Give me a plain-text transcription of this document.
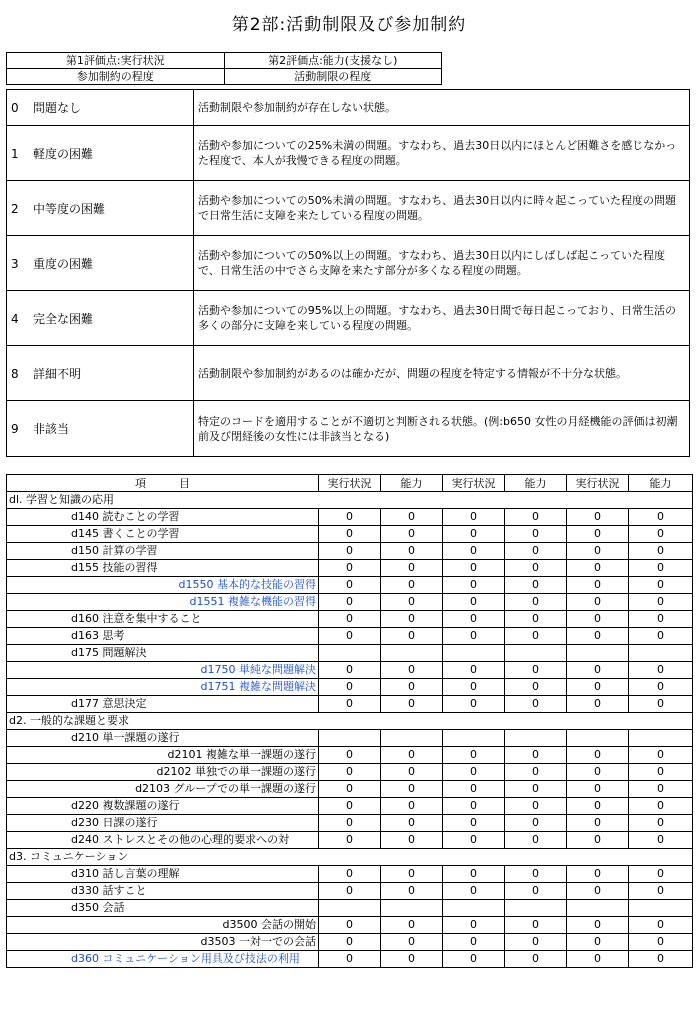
第2部:活動制限及び参加制約
第1評価点:実行状況	第2評価点:能力(支援なし)
参加制約の程度	活動制限の程度
0 問題なし	活動制限や参加制約が存在しない状態。
1 軽度の困難	活動や参加についての25%未満の問題。すなわち、過去30日以内にほとんど困難さを感じなかった程度で、本人が我慢できる程度の問題。
2 中等度の困難	活動や参加についての50%未満の問題。すなわち、過去30日以内に時々起こっていた程度の問題で日常生活に支障を来たしている程度の問題。
3 重度の困難	活動や参加についての50%以上の問題。すなわち、過去30日以内にしばしば起こっていた程度で、日常生活の中でさら支障を来たす部分が多くなる程度の問題。
4 完全な困難	活動や参加についての95%以上の問題。すなわち、過去30日間で毎日起こっており、日常生活の多くの部分に支障を来している程度の問題。
8 詳細不明	活動制限や参加制約があるのは確かだが、問題の程度を特定する情報が不十分な状態。
9 非該当	特定のコードを適用することが不適切と判断される状態。(例:b650 女性の月経機能の評価は初潮前及び閉経後の女性には非該当となる)
項　　　目	実行状況	能力	実行状況	能力	実行状況	能力
dl. 学習と知識の応用						
d140 読むことの学習	0	0	0	0	0	0
d145 書くことの学習	0	0	0	0	0	0
d150 計算の学習	0	0	0	0	0	0
d155 技能の習得	0	0	0	0	0	0
d1550 基本的な技能の習得	0	0	0	0	0	0
d1551 複雑な機能の習得	0	0	0	0	0	0
d160 注意を集中すること	0	0	0	0	0	0
d163 思考	0	0	0	0	0	0
d175 問題解決						
d1750 単純な問題解決	0	0	0	0	0	0
d1751 複雑な問題解決	0	0	0	0	0	0
d177 意思決定	0	0	0	0	0	0
d2. 一般的な課題と要求						
d210 単一課題の遂行						
d2101 複雑な単一課題の遂行	0	0	0	0	0	0
d2102 単独での単一課題の遂行	0	0	0	0	0	0
d2103 グループでの単一課題の遂行	0	0	0	0	0	0
d220 複数課題の遂行	0	0	0	0	0	0
d230 日課の遂行	0	0	0	0	0	0
d240 ストレスとその他の心理的要求への対	0	0	0	0	0	0
d3. コミュニケーション						
d310 話し言葉の理解	0	0	0	0	0	0
d330 話すこと	0	0	0	0	0	0
d350 会話						
d3500 会話の開始	0	0	0	0	0	0
d3503 一対一での会話	0	0	0	0	0	0
d360 コミュニケーション用具及び技法の利用	0	0	0	0	0	0
